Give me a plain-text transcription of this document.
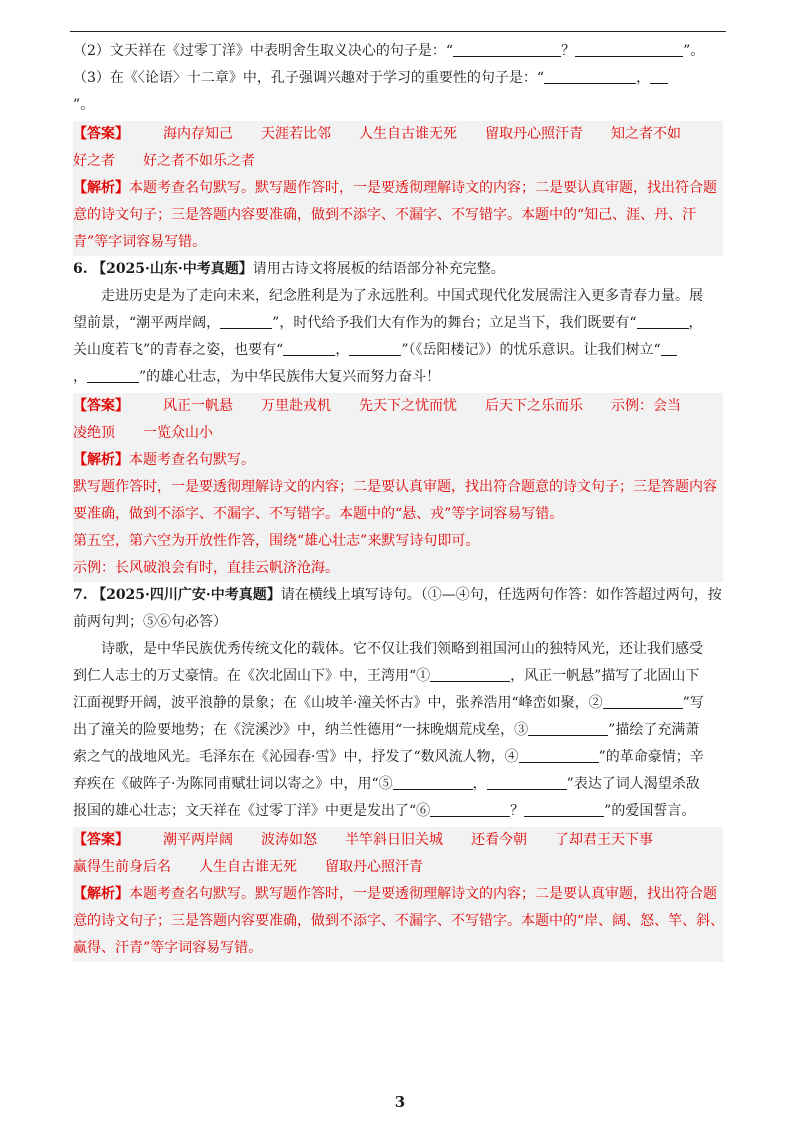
（2）文天祥在《过零丁洋》中表明舍生取义决心的句子是：“	？	”。
（3）在《〈论语〉十二章》中，孔子强调兴趣对于学习的重要性的句子是：“	，
”。
【答案】 海内存知己 天涯若比邻 人生自古谁无死 留取丹心照汗青 知之者不如
好之者 好之者不如乐之者
【解析】本题考查名句默写。默写题作答时，一是要透彻理解诗文的内容；二是要认真审题，找出符合题
意的诗文句子；三是答题内容要准确，做到不添字、不漏字、不写错字。本题中的“知己、涯、丹、汗
青”等字词容易写错。
6. 【2025·山东·中考真题】请用古诗文将展板的结语部分补充完整。
走进历史是为了走向未来，纪念胜利是为了永远胜利。中国式现代化发展需注入更多青春力量。展
望前景，“潮平两岸阔，	”，时代给予我们大有作为的舞台；立足当下，我们既要有“	，
关山度若飞”的青春之姿，也要有“	，	”（《岳阳楼记》）的忧乐意识。让我们树立“
，	”的雄心壮志，为中华民族伟大复兴而努力奋斗！
【答案】 风正一帆悬 万里赴戎机 先天下之忧而忧 后天下之乐而乐 示例：会当
凌绝顶 一览众山小
【解析】本题考查名句默写。
默写题作答时，一是要透彻理解诗文的内容；二是要认真审题，找出符合题意的诗文句子；三是答题内容
要准确，做到不添字、不漏字、不写错字。本题中的“悬、戎”等字词容易写错。
第五空，第六空为开放性作答，围绕“雄心壮志”来默写诗句即可。
示例：长风破浪会有时，直挂云帆济沧海。
7. 【2025·四川广安·中考真题】请在横线上填写诗句。（①—④句，任选两句作答：如作答超过两句，按
前两句判；⑤⑥句必答）
诗歌，是中华民族优秀传统文化的载体。它不仅让我们领略到祖国河山的独特风光，还让我们感受
到仁人志士的万丈豪情。在《次北固山下》中，王湾用“①	，风正一帆悬”描写了北固山下
江面视野开阔，波平浪静的景象；在《山坡羊·潼关怀古》中，张养浩用“峰峦如聚，②	”写
出了潼关的险要地势；在《浣溪沙》中，纳兰性德用“一抹晚烟荒戍垒，③	”描绘了充满萧
索之气的战地风光。毛泽东在《沁园春·雪》中，抒发了“数风流人物，④	”的革命豪情；辛
弃疾在《破阵子·为陈同甫赋壮词以寄之》中，用“⑤	，	”表达了词人渴望杀敌
报国的雄心壮志；文天祥在《过零丁洋》中更是发出了“⑥	？	”的爱国誓言。
【答案】 潮平两岸阔 波涛如怒 半竿斜日旧关城 还看今朝 了却君王天下事
赢得生前身后名 人生自古谁无死 留取丹心照汗青
【解析】本题考查名句默写。默写题作答时，一是要透彻理解诗文的内容；二是要认真审题，找出符合题
意的诗文句子；三是答题内容要准确，做到不添字、不漏字、不写错字。本题中的“岸、阔、怒、竿、斜、
赢得、汗青”等字词容易写错。
3
